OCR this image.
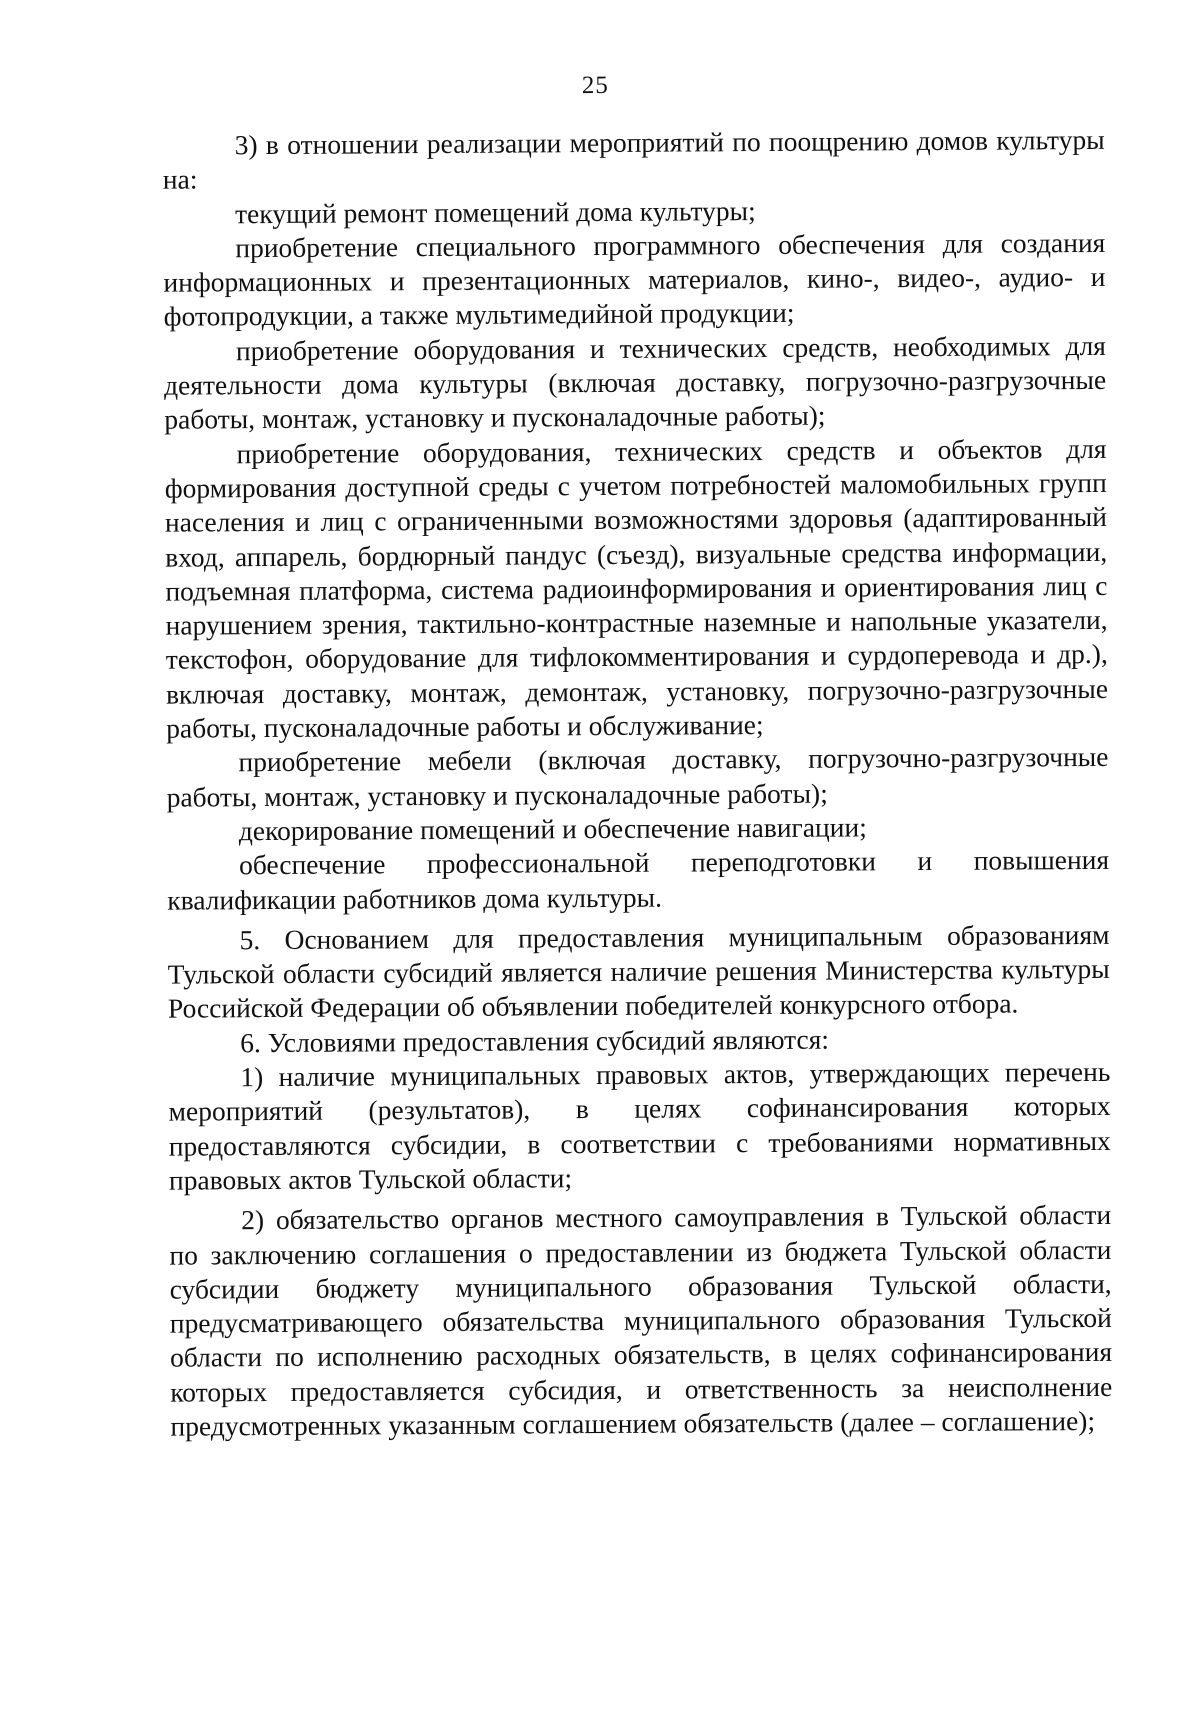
25

3) в отношении реализации мероприятий по поощрению домов культуры на:

текущий ремонт помещений дома культуры;

приобретение специального программного обеспечения для создания информационных и презентационных материалов, кино-, видео-, аудио- и фотопродукции, а также мультимедийной продукции;

приобретение оборудования и технических средств, необходимых для деятельности дома культуры (включая доставку, погрузочно-разгрузочные работы, монтаж, установку и пусконаладочные работы);

приобретение оборудования, технических средств и объектов для формирования доступной среды с учетом потребностей маломобильных групп населения и лиц с ограниченными возможностями здоровья (адаптированный вход, аппарель, бордюрный пандус (съезд), визуальные средства информации, подъемная платформа, система радиоинформирования и ориентирования лиц с нарушением зрения, тактильно-контрастные наземные и напольные указатели, текстофон, оборудование для тифлокомментирования и сурдоперевода и др.), включая доставку, монтаж, демонтаж, установку, погрузочно-разгрузочные работы, пусконаладочные работы и обслуживание;

приобретение мебели (включая доставку, погрузочно-разгрузочные работы, монтаж, установку и пусконаладочные работы);

декорирование помещений и обеспечение навигации;

обеспечение профессиональной переподготовки и повышения квалификации работников дома культуры.

5. Основанием для предоставления муниципальным образованиям Тульской области субсидий является наличие решения Министерства культуры Российской Федерации об объявлении победителей конкурсного отбора.

6. Условиями предоставления субсидий являются:

1) наличие муниципальных правовых актов, утверждающих перечень мероприятий (результатов), в целях софинансирования которых предоставляются субсидии, в соответствии с требованиями нормативных правовых актов Тульской области;

2) обязательство органов местного самоуправления в Тульской области по заключению соглашения о предоставлении из бюджета Тульской области субсидии бюджету муниципального образования Тульской области, предусматривающего обязательства муниципального образования Тульской области по исполнению расходных обязательств, в целях софинансирования которых предоставляется субсидия, и ответственность за неисполнение предусмотренных указанным соглашением обязательств (далее – соглашение);
